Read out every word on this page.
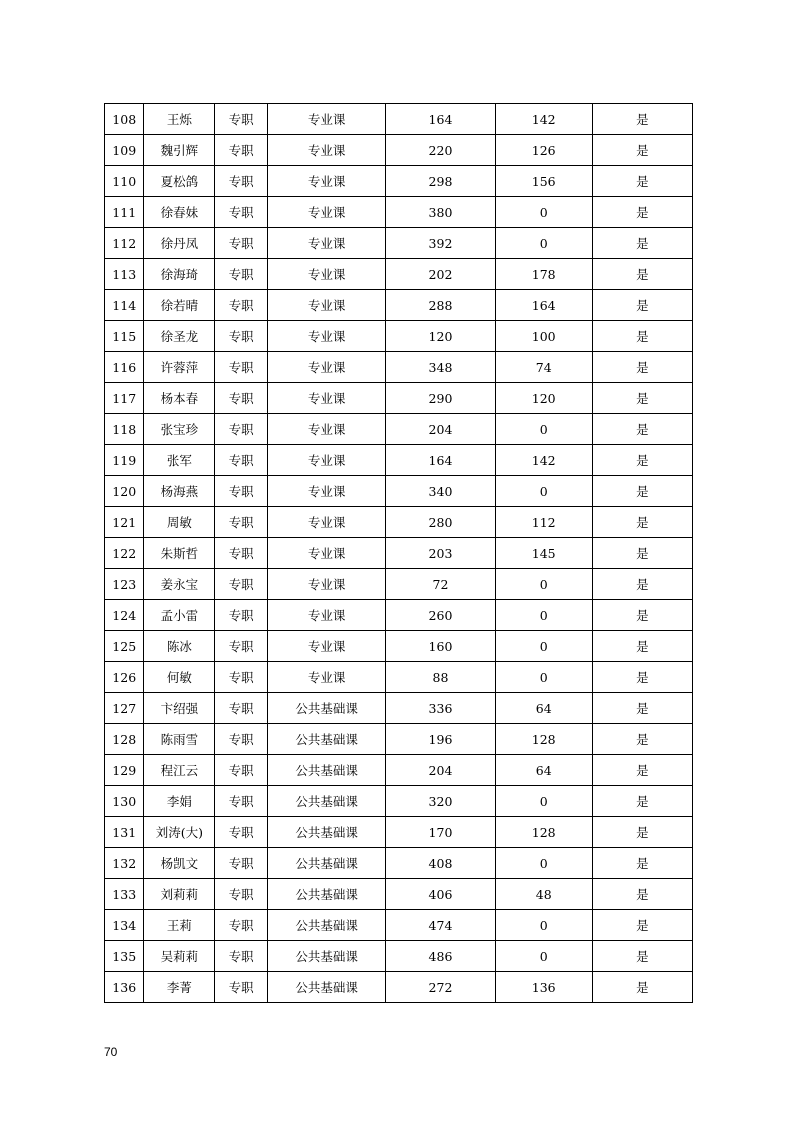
108	王烁	专职	专业课	164	142	是
109	魏引辉	专职	专业课	220	126	是
110	夏松鸽	专职	专业课	298	156	是
111	徐春妹	专职	专业课	380	0	是
112	徐丹凤	专职	专业课	392	0	是
113	徐海琦	专职	专业课	202	178	是
114	徐若晴	专职	专业课	288	164	是
115	徐圣龙	专职	专业课	120	100	是
116	许蓉萍	专职	专业课	348	74	是
117	杨本春	专职	专业课	290	120	是
118	张宝珍	专职	专业课	204	0	是
119	张军	专职	专业课	164	142	是
120	杨海燕	专职	专业课	340	0	是
121	周敏	专职	专业课	280	112	是
122	朱斯哲	专职	专业课	203	145	是
123	姜永宝	专职	专业课	72	0	是
124	孟小雷	专职	专业课	260	0	是
125	陈冰	专职	专业课	160	0	是
126	何敏	专职	专业课	88	0	是
127	卞绍强	专职	公共基础课	336	64	是
128	陈雨雪	专职	公共基础课	196	128	是
129	程江云	专职	公共基础课	204	64	是
130	李娟	专职	公共基础课	320	0	是
131	刘涛(大)	专职	公共基础课	170	128	是
132	杨凯文	专职	公共基础课	408	0	是
133	刘莉莉	专职	公共基础课	406	48	是
134	王莉	专职	公共基础课	474	0	是
135	吴莉莉	专职	公共基础课	486	0	是
136	李菁	专职	公共基础课	272	136	是
70
